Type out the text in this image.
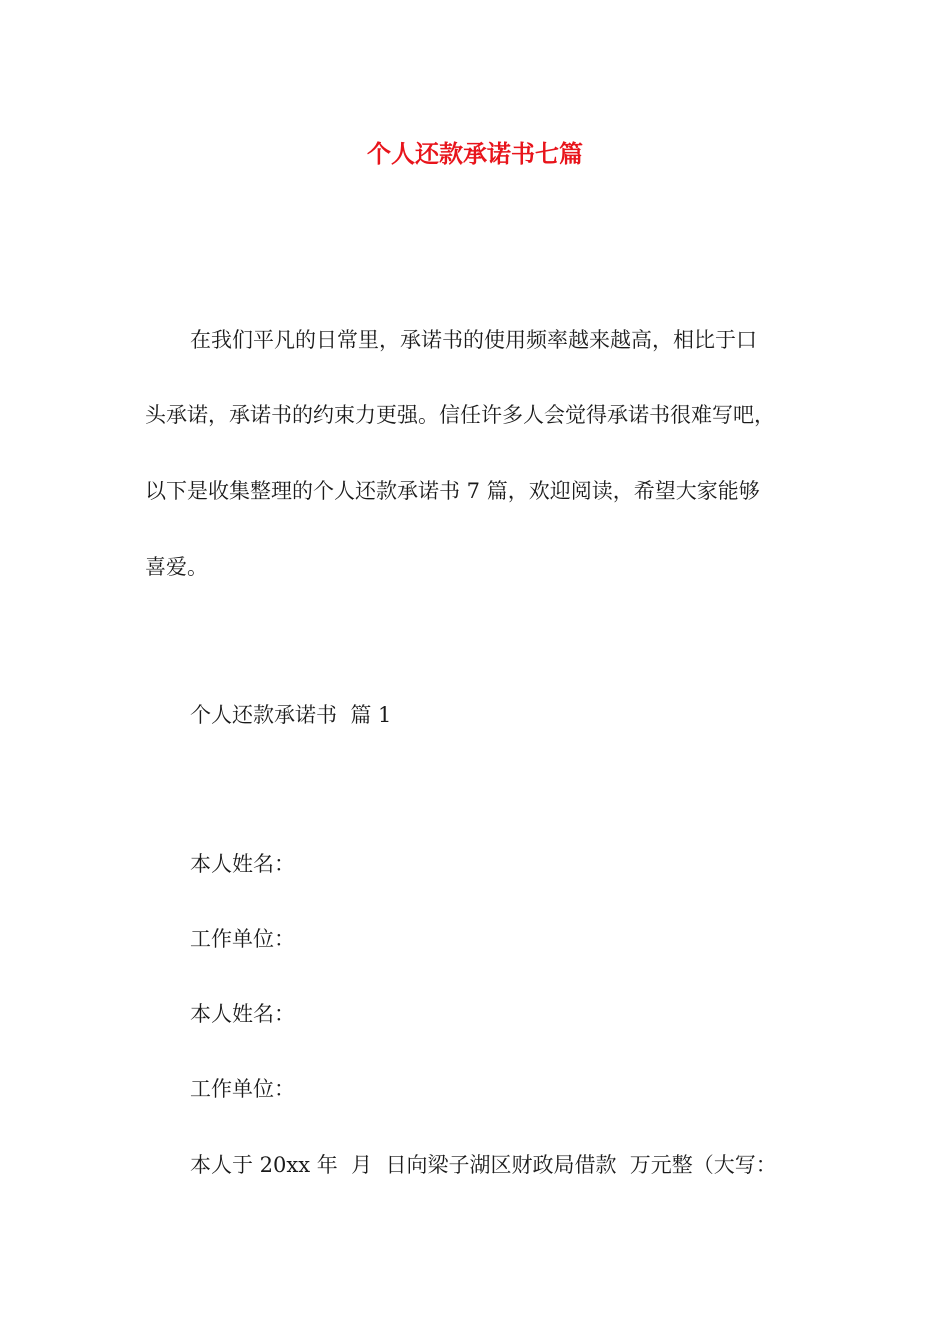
个人还款承诺书七篇

在我们平凡的日常里，承诺书的使用频率越来越高，相比于口

头承诺，承诺书的约束力更强。信任许多人会觉得承诺书很难写吧，

以下是收集整理的个人还款承诺书 7 篇，欢迎阅读，希望大家能够

喜爱。

个人还款承诺书  篇 1

本人姓名：

工作单位：

本人姓名：

工作单位：

本人于 20xx 年  月  日向梁子湖区财政局借款  万元整（大写：
